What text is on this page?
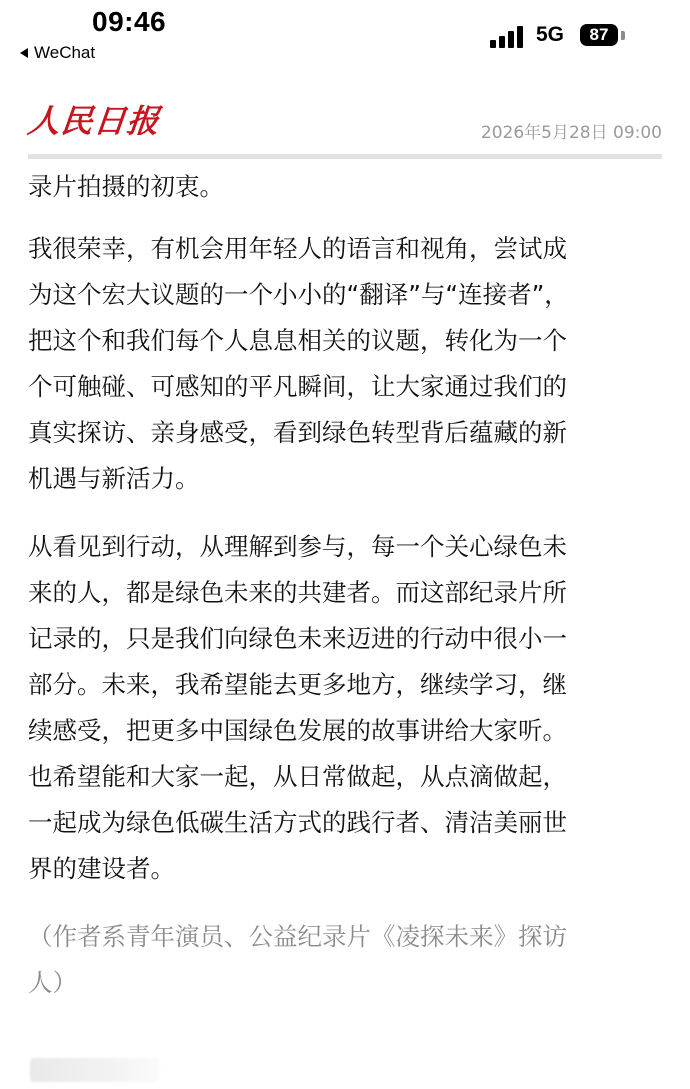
09:46
WeChat
5G	87
人民日报	2026年5月28日 09:00

录片拍摄的初衷。

我很荣幸，有机会用年轻人的语言和视角，尝试成
为这个宏大议题的一个小小的“翻译”与“连接者”，
把这个和我们每个人息息相关的议题，转化为一个
个可触碰、可感知的平凡瞬间，让大家通过我们的
真实探访、亲身感受，看到绿色转型背后蕴藏的新
机遇与新活力。

从看见到行动，从理解到参与，每一个关心绿色未
来的人，都是绿色未来的共建者。而这部纪录片所
记录的，只是我们向绿色未来迈进的行动中很小一
部分。未来，我希望能去更多地方，继续学习，继
续感受，把更多中国绿色发展的故事讲给大家听。
也希望能和大家一起，从日常做起，从点滴做起，
一起成为绿色低碳生活方式的践行者、清洁美丽世
界的建设者。

（作者系青年演员、公益纪录片《凌探未来》探访
人）
